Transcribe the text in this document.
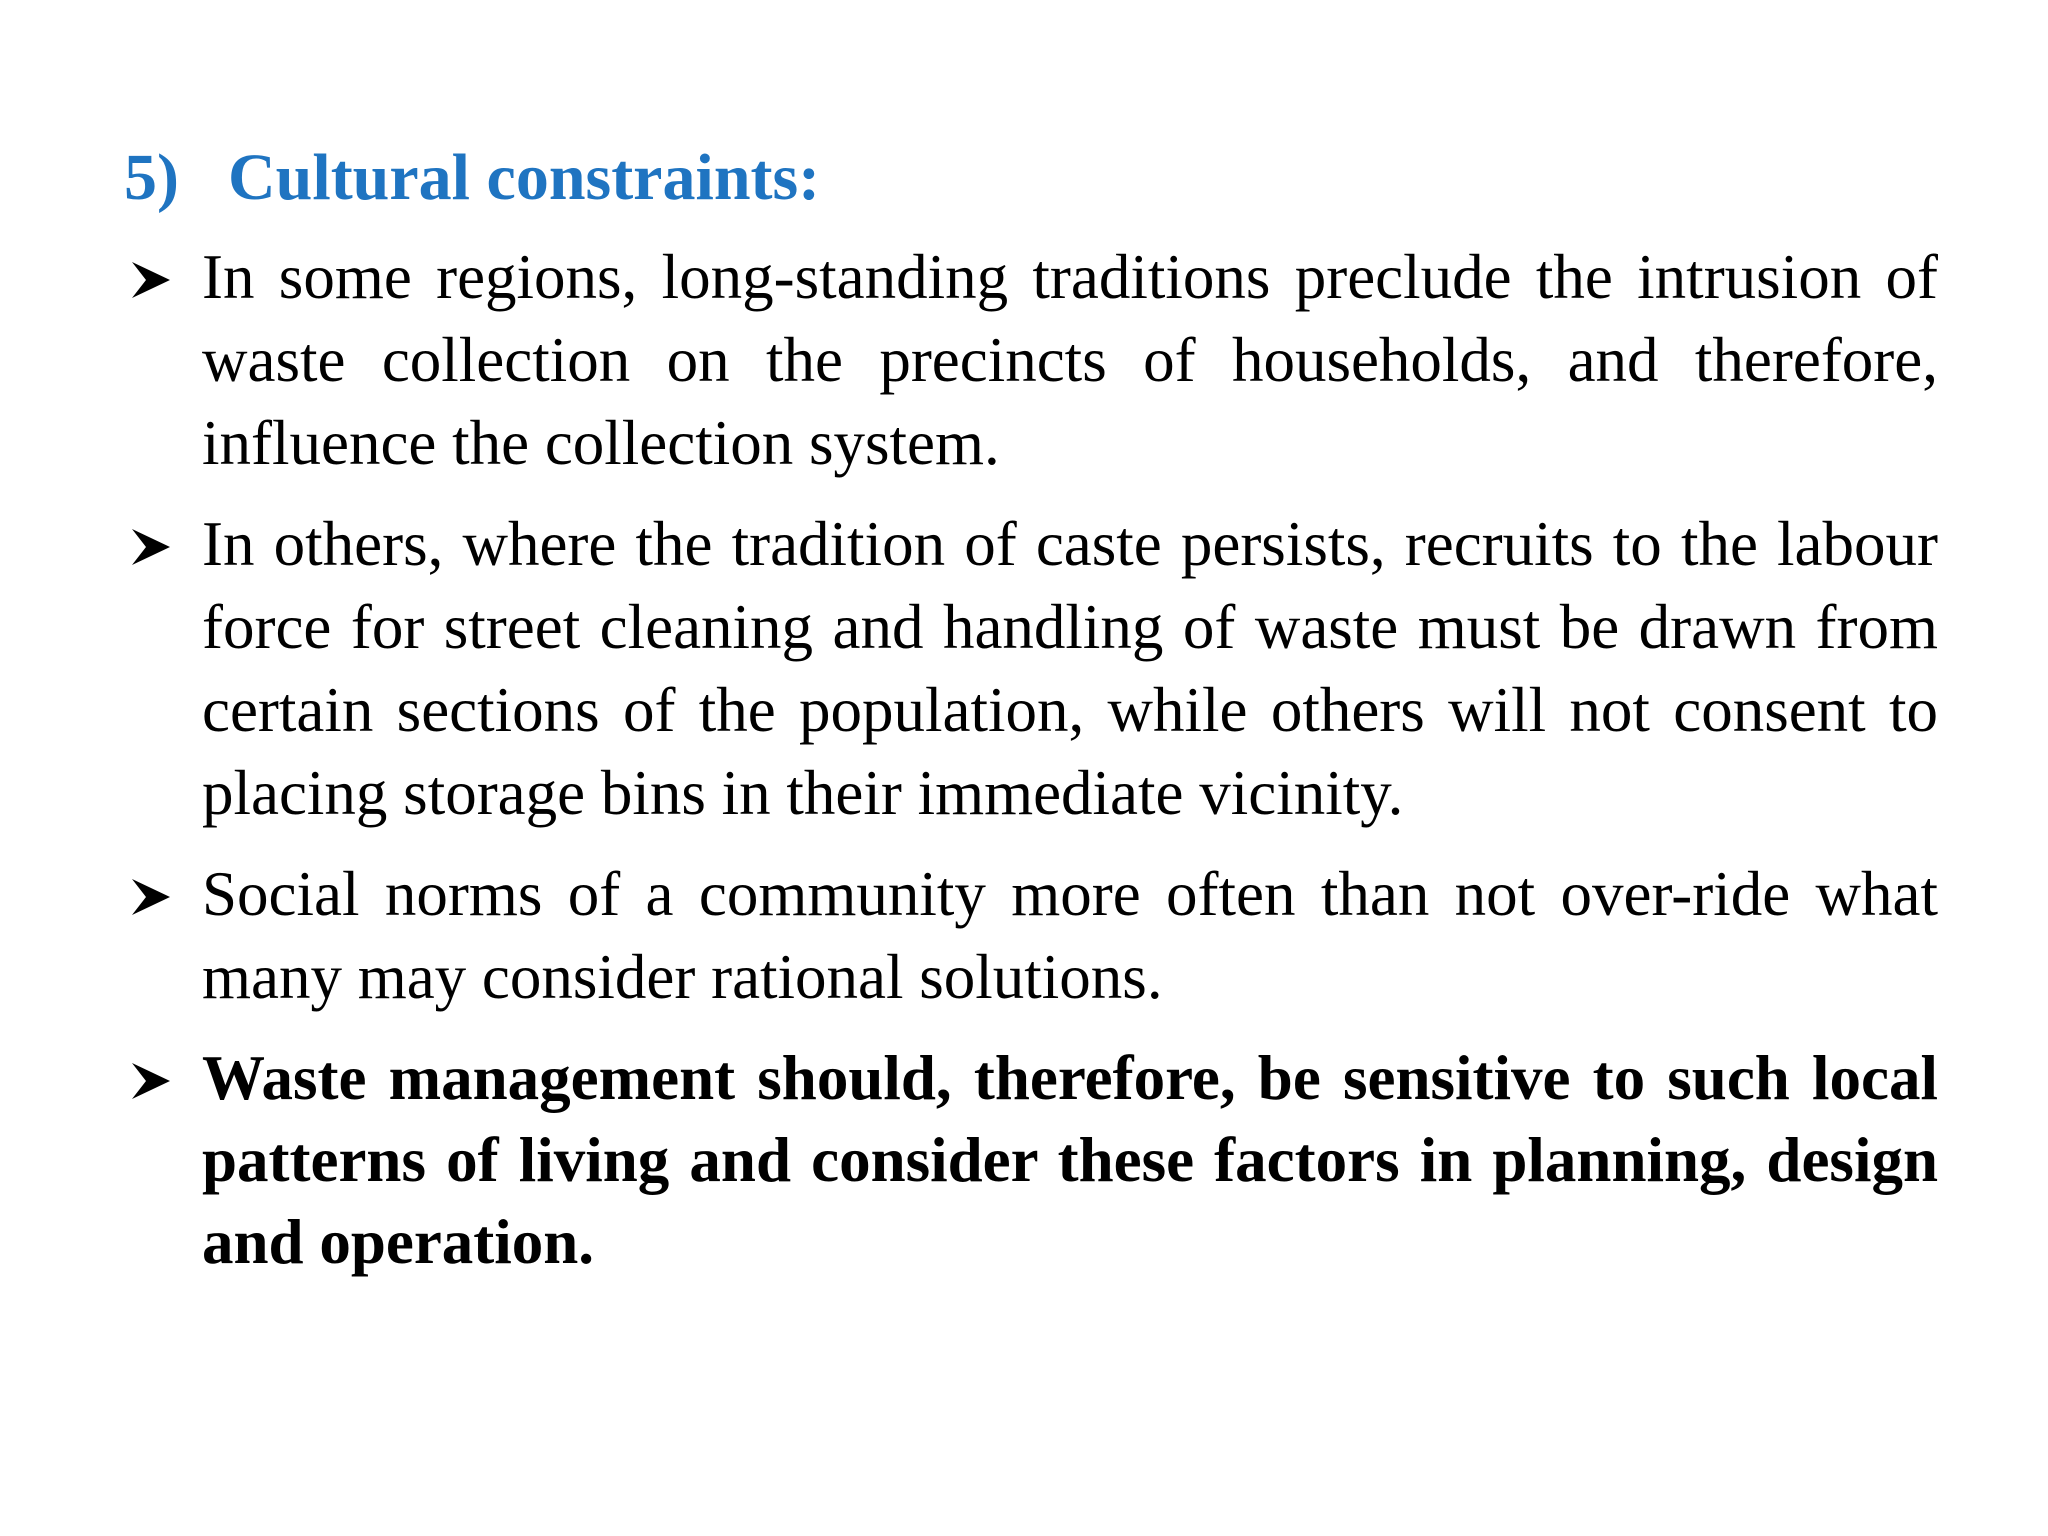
5) Cultural constraints:
In some regions, long-standing traditions preclude the intrusion of waste collection on the precincts of households, and therefore, influence the collection system.
In others, where the tradition of caste persists, recruits to the labour force for street cleaning and handling of waste must be drawn from certain sections of the population, while others will not consent to placing storage bins in their immediate vicinity.
Social norms of a community more often than not over-ride what many may consider rational solutions.
Waste management should, therefore, be sensitive to such local patterns of living and consider these factors in planning, design and operation.
